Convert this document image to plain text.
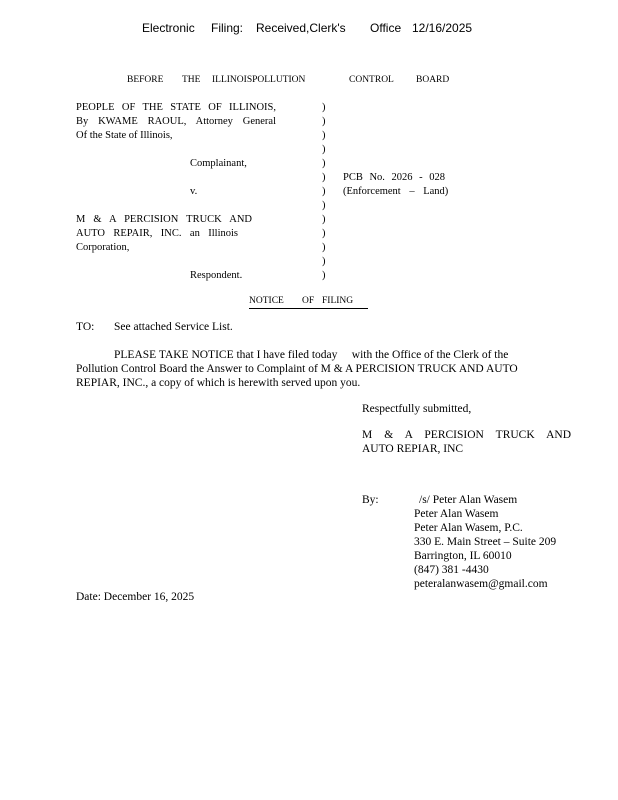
Electronic Filing: Received,Clerk's Office 12/16/2025
BEFORE THE ILLINOISPOLLUTION	CONTROL BOARD
PEOPLE OF THE STATE OF ILLINOIS,
By KWAME RAOUL, Attorney General
Of the State of Illinois,
Complainant,
v.
M & A PERCISION TRUCK AND
AUTO REPAIR, INC. an Illinois
Corporation,
Respondent.
)
)
)
)
)
)
)
)
)
)
)
)
)
PCB No. 2026 - 028
(Enforcement – Land)
NOTICE OF FILING
TO: See attached Service List.
PLEASE TAKE NOTICE that I have filed today     with the Office of the Clerk of the
Pollution Control Board the Answer to Complaint of M & A PERCISION TRUCK AND AUTO
REPIAR, INC., a copy of which is herewith served upon you.
Respectfully submitted,
M & A PERCISION TRUCK AND
AUTO REPIAR, INC
By:	/s/ Peter Alan Wasem
Peter Alan Wasem
Peter Alan Wasem, P.C.
330 E. Main Street – Suite 209
Barrington, IL 60010
(847) 381 -4430
peteralanwasem@gmail.com
Date: December 16, 2025
